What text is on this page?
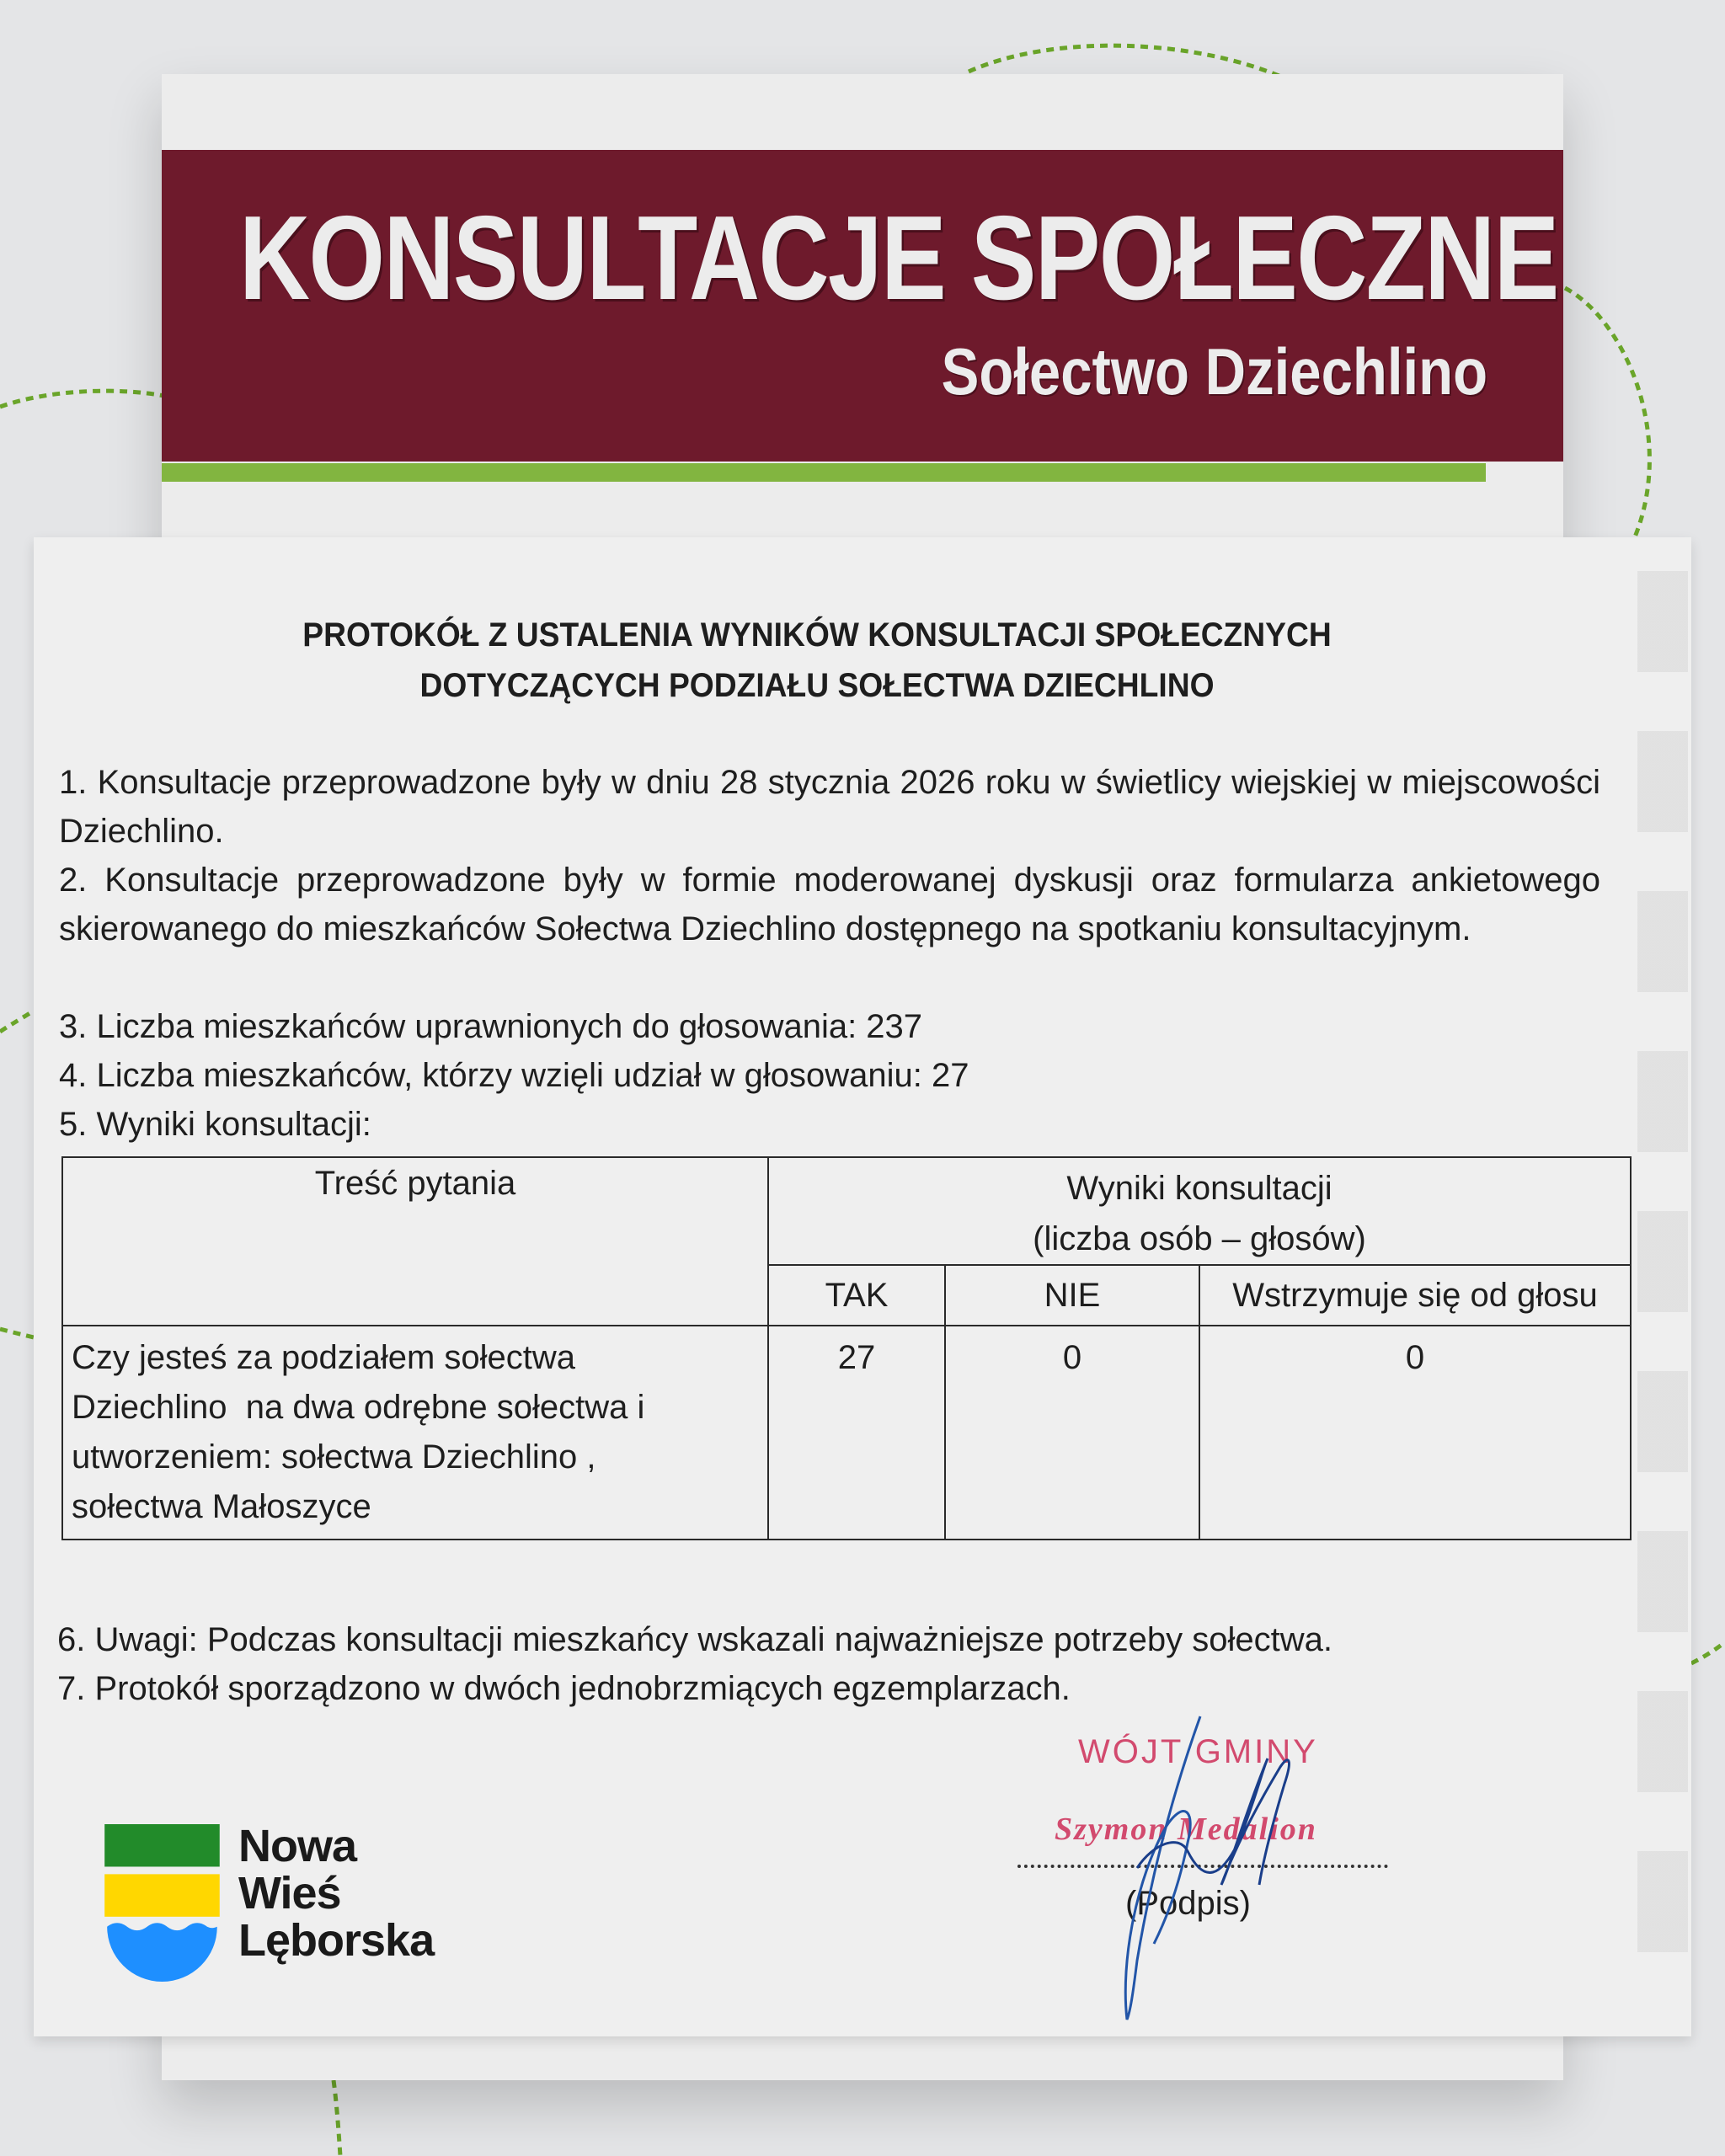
KONSULTACJE SPOŁECZNE
Sołectwo Dziechlino
PROTOKÓŁ Z USTALENIA WYNIKÓW KONSULTACJI SPOŁECZNYCH
DOTYCZĄCYCH PODZIAŁU SOŁECTWA DZIECHLINO
1. Konsultacje przeprowadzone były w dniu 28 stycznia 2026 roku w świetlicy wiejskiej w miejscowości Dziechlino.
2. Konsultacje przeprowadzone były w formie moderowanej dyskusji oraz formularza ankietowego skierowanego do mieszkańców Sołectwa Dziechlino dostępnego na spotkaniu konsultacyjnym.
3. Liczba mieszkańców uprawnionych do głosowania: 237
4. Liczba mieszkańców, którzy wzięli udział w głosowaniu: 27
5. Wyniki konsultacji:
Treść pytania	Wyniki konsultacji
(liczba osób – głosów)		

	TAK	NIE	Wstrzymuje się od głosu

Czy jesteś za podziałem sołectwa
Dziechlino  na dwa odrębne sołectwa i
utworzeniem: sołectwa Dziechlino ,
sołectwa Małoszyce	27	0	0
6. Uwagi: Podczas konsultacji mieszkańcy wskazali najważniejsze potrzeby sołectwa.
7. Protokół sporządzono w dwóch jednobrzmiących egzemplarzach.
Nowa
Wieś
Lęborska
WÓJT GMINY
Szymon Medalion
(Podpis)
